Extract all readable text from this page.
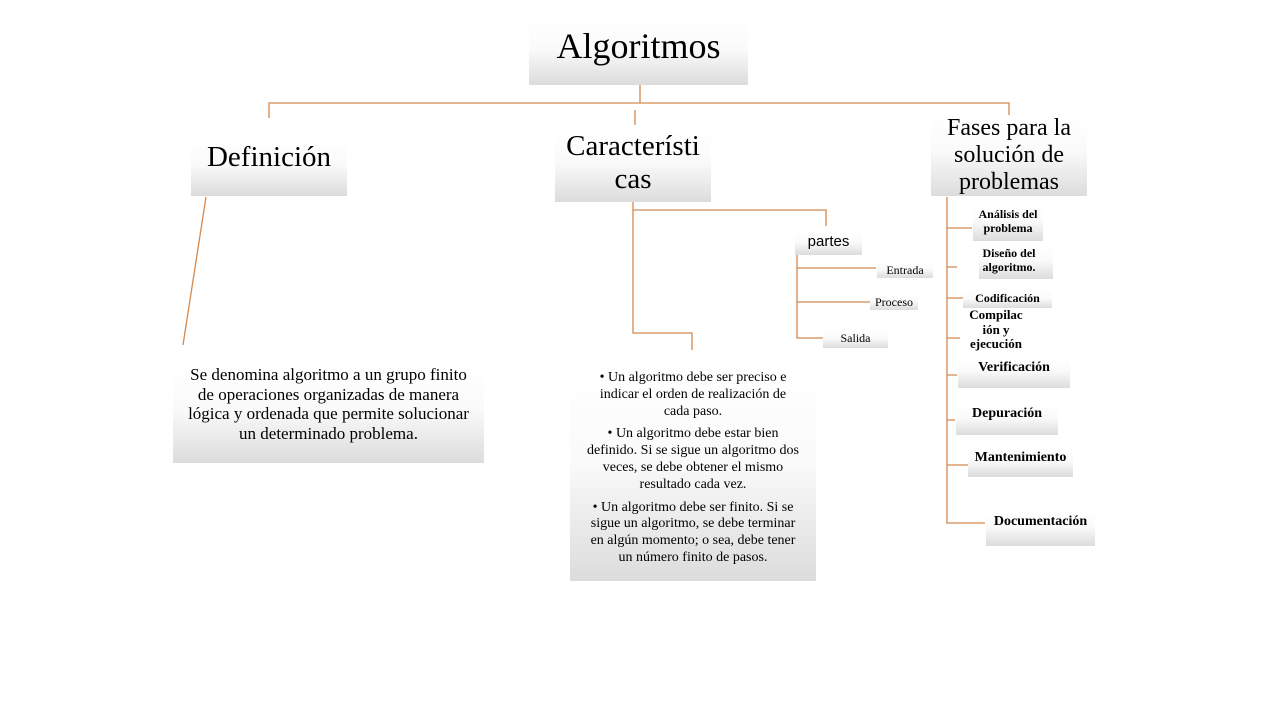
Algoritmos
Definición	Característi
cas
Fases para la
solución de
problemas
Se denomina algoritmo a un grupo finito
de operaciones organizadas de manera
lógica y ordenada que permite solucionar
un determinado problema.
partes
Entrada
Proceso
Salida
• Un algoritmo debe ser preciso e
indicar el orden de realización de
cada paso.
• Un algoritmo debe estar bien
definido. Si se sigue un algoritmo dos
veces, se debe obtener el mismo
resultado cada vez.
• Un algoritmo debe ser finito. Si se
sigue un algoritmo, se debe terminar
en algún momento; o sea, debe tener
un número finito de pasos.
Análisis del
problema
Diseño del
algoritmo.
Codificación
Compilac
ión y
ejecución
Verificación
Depuración
Mantenimiento
Documentación
